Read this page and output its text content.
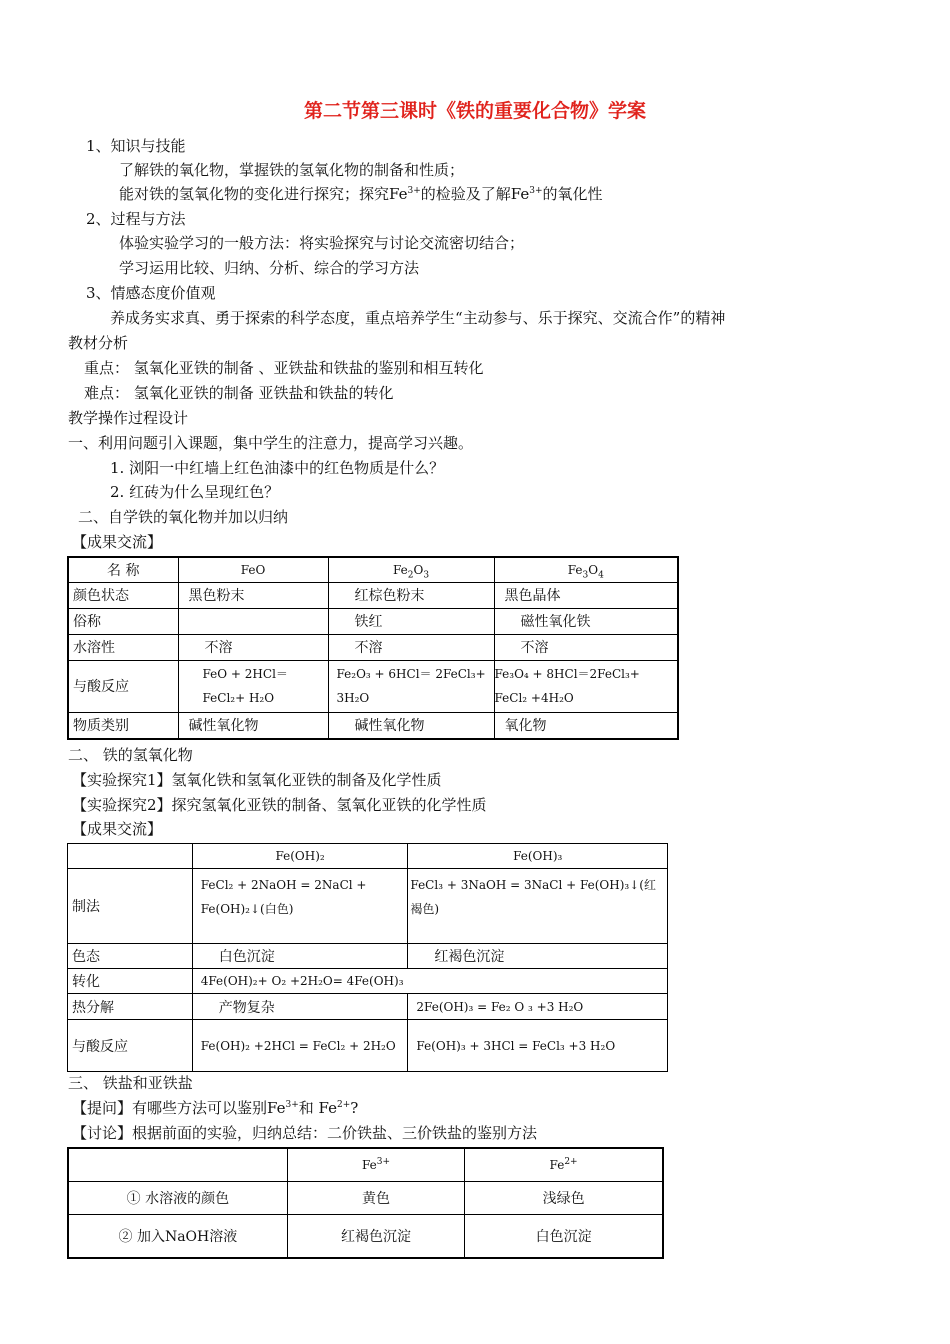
第二节第三课时《铁的重要化合物》学案
1、知识与技能
了解铁的氧化物，掌握铁的氢氧化物的制备和性质；
能对铁的氢氧化物的变化进行探究；探究$Fe^{3+}$的检验及了解$Fe^{3+}$的氧化性
2、过程与方法
体验实验学习的一般方法：将实验探究与讨论交流密切结合；
学习运用比较、归纳、分析、综合的学习方法
3、情感态度价值观
养成务实求真、勇于探索的科学态度，重点培养学生“主动参与、乐于探究、交流合作”的精神
教材分析
重点： 氢氧化亚铁的制备 、亚铁盐和铁盐的鉴别和相互转化
难点： 氢氧化亚铁的制备 亚铁盐和铁盐的转化
教学操作过程设计
一、利用问题引入课题，集中学生的注意力，提高学习兴趣。
1. 浏阳一中红墙上红色油漆中的红色物质是什么？
2. 红砖为什么呈现红色？
二、自学铁的氧化物并加以归纳
【成果交流】
名 称	FeO	$Fe_2O_3$	$Fe_3O_4$
颜色状态	黑色粉末	红棕色粉末	黑色晶体
俗称		铁红	磁性氧化铁
水溶性	不溶	不溶	不溶
与酸反应	FeO + 2HCl＝ FeCl₂+ H₂O	Fe₂O₃ + 6HCl＝ 2FeCl₃+ 3H₂O	Fe₃O₄ + 8HCl＝2FeCl₃+ FeCl₂ +4H₂O
物质类别	碱性氧化物	碱性氧化物	氧化物
二、 铁的氢氧化物
【实验探究1】氢氧化铁和氢氧化亚铁的制备及化学性质
【实验探究2】探究氢氧化亚铁的制备、氢氧化亚铁的化学性质
【成果交流】
	Fe(OH)₂	Fe(OH)₃
制法	FeCl₂ + 2NaOH = 2NaCl + Fe(OH)₂↓(白色)	FeCl₃ + 3NaOH = 3NaCl + Fe(OH)₃↓(红褐色)
色态	白色沉淀	红褐色沉淀
转化	4Fe(OH)₂+ O₂ +2H₂O= 4Fe(OH)₃	
热分解	产物复杂	2Fe(OH)₃ = Fe₂ O ₃ +3 H₂O
与酸反应	Fe(OH)₂ +2HCl = FeCl₂ + 2H₂O	Fe(OH)₃ + 3HCl = FeCl₃ +3 H₂O
三、 铁盐和亚铁盐
【提问】有哪些方法可以鉴别$Fe^{3+}$和 $Fe^{2+}$?
【讨论】根据前面的实验，归纳总结：二价铁盐、三价铁盐的鉴别方法
	$Fe^{3+}$	$Fe^{2+}$
① 水溶液的颜色	黄色	浅绿色
② 加入NaOH溶液	红褐色沉淀	白色沉淀
